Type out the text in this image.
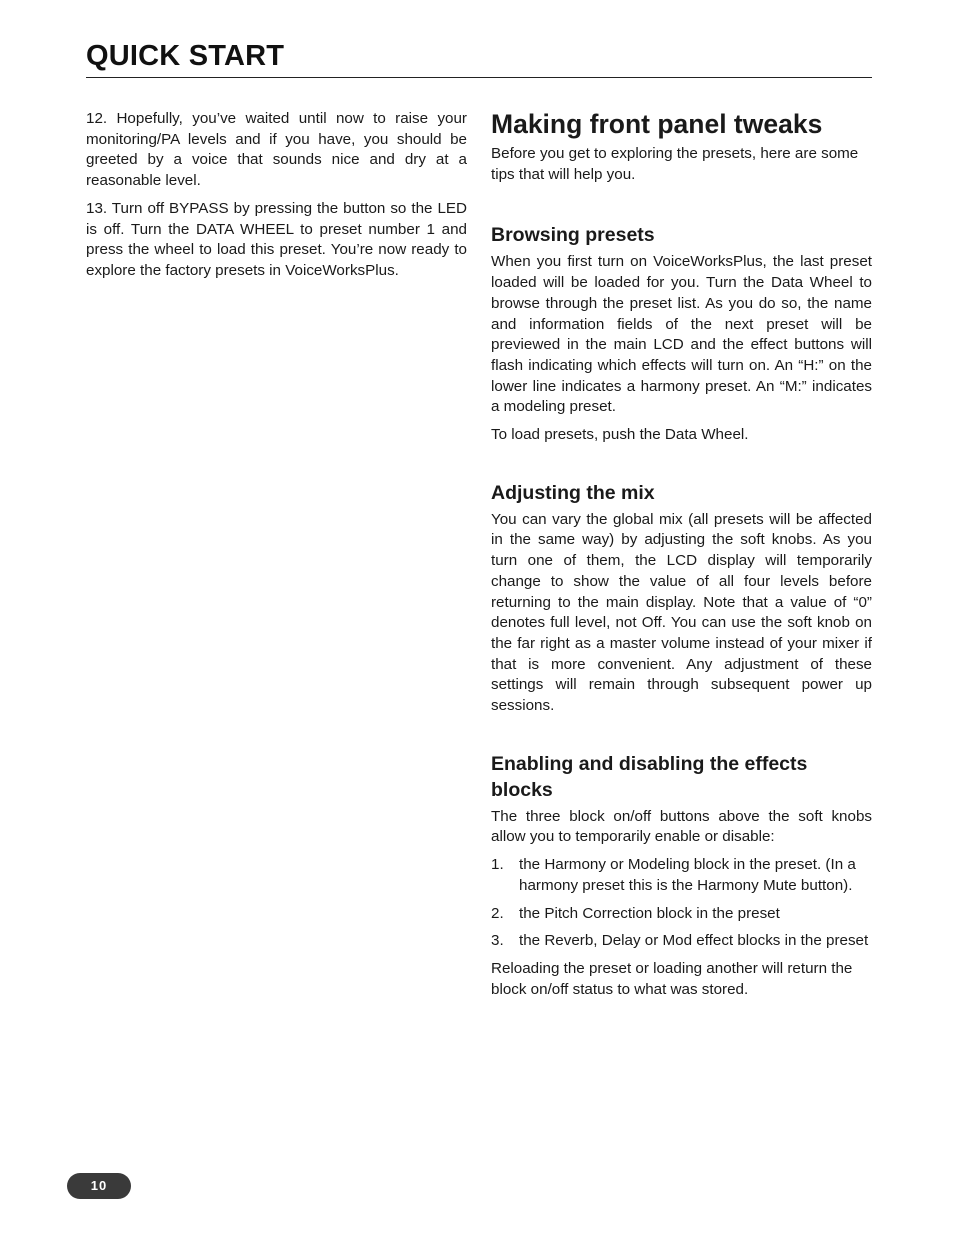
QUICK START

12. Hopefully, you’ve waited until now to raise your monitoring/PA levels and if you have, you should be greeted by a voice that sounds nice and dry at a reasonable level.

13. Turn off BYPASS by pressing the button so the LED is off. Turn the DATA WHEEL to preset number 1 and press the wheel to load this preset. You’re now ready to explore the factory presets in VoiceWorksPlus.

Making front panel tweaks

Before you get to exploring the presets, here are some tips that will help you.

Browsing presets

When you first turn on VoiceWorksPlus, the last preset loaded will be loaded for you. Turn the Data Wheel to browse through the preset list. As you do so, the name and information fields of the next preset will be previewed in the main LCD and the effect buttons will flash indicating which effects will turn on. An “H:” on the lower line indicates a harmony preset. An “M:” indicates a modeling preset.

To load presets, push the Data Wheel.

Adjusting the mix

You can vary the global mix (all presets will be affected in the same way) by adjusting the soft knobs. As you turn one of them, the LCD display will temporarily change to show the value of all four levels before returning to the main display. Note that a value of “0” denotes full level, not Off. You can use the soft knob on the far right as a master volume instead of your mixer if that is more convenient. Any adjustment of these settings will remain through subsequent power up sessions.

Enabling and disabling the effects blocks

The three block on/off buttons above the soft knobs allow you to temporarily enable or disable:

1.	the Harmony or Modeling block in the preset. (In a harmony preset this is the Harmony Mute button).
2.	the Pitch Correction block in the preset
3.	the Reverb, Delay or Mod effect blocks in the preset

Reloading the preset or loading another will return the block on/off status to what was stored.

10
